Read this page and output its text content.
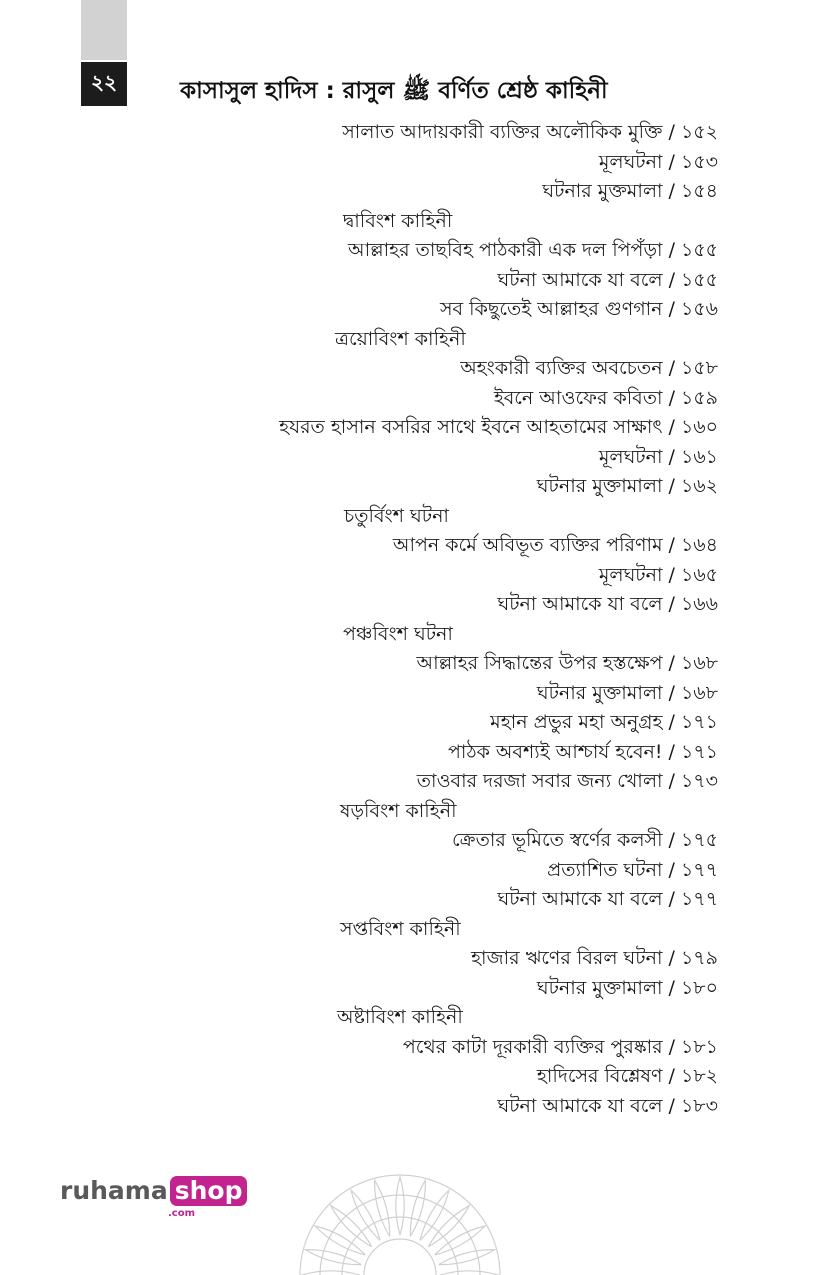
২২	কাসাসুল হাদিস : রাসুল ﷺ বর্ণিত শ্রেষ্ঠ কাহিনী
সালাত আদায়কারী ব্যক্তির অলৌকিক মুক্তি / ১৫২
মূলঘটনা / ১৫৩
ঘটনার মুক্তমালা / ১৫৪
দ্বাবিংশ কাহিনী
আল্লাহর তাছবিহ পাঠকারী এক দল পিপঁড়া / ১৫৫
ঘটনা আমাকে যা বলে / ১৫৫
সব কিছুতেই আল্লাহর গুণগান / ১৫৬
ত্রয়োবিংশ কাহিনী
অহংকারী ব্যক্তির অবচেতন / ১৫৮
ইবনে আওফের কবিতা / ১৫৯
হযরত হাসান বসরির সাথে ইবনে আহতামের সাক্ষাৎ / ১৬০
মূলঘটনা / ১৬১
ঘটনার মুক্তামালা / ১৬২
চতুর্বিংশ ঘটনা
আপন কর্মে অবিভূত ব্যক্তির পরিণাম / ১৬৪
মূলঘটনা / ১৬৫
ঘটনা আমাকে যা বলে / ১৬৬
পঞ্চবিংশ ঘটনা
আল্লাহর সিদ্ধান্তের উপর হস্তক্ষেপ / ১৬৮
ঘটনার মুক্তামালা / ১৬৮
মহান প্রভুর মহা অনুগ্রহ / ১৭১
পাঠক অবশ্যই আশ্চার্য হবেন! / ১৭১
তাওবার দরজা সবার জন্য খোলা / ১৭৩
ষড়বিংশ কাহিনী
ক্রেতার ভূমিতে স্বর্ণের কলসী / ১৭৫
প্রত্যাশিত ঘটনা / ১৭৭
ঘটনা আমাকে যা বলে / ১৭৭
সপ্তবিংশ কাহিনী
হাজার ঋণের বিরল ঘটনা / ১৭৯
ঘটনার মুক্তামালা / ১৮০
অষ্টাবিংশ কাহিনী
পথের কাটা দূরকারী ব্যক্তির পুরষ্কার / ১৮১
হাদিসের বিশ্লেষণ / ১৮২
ঘটনা আমাকে যা বলে / ১৮৩
ruhama shop
.com
